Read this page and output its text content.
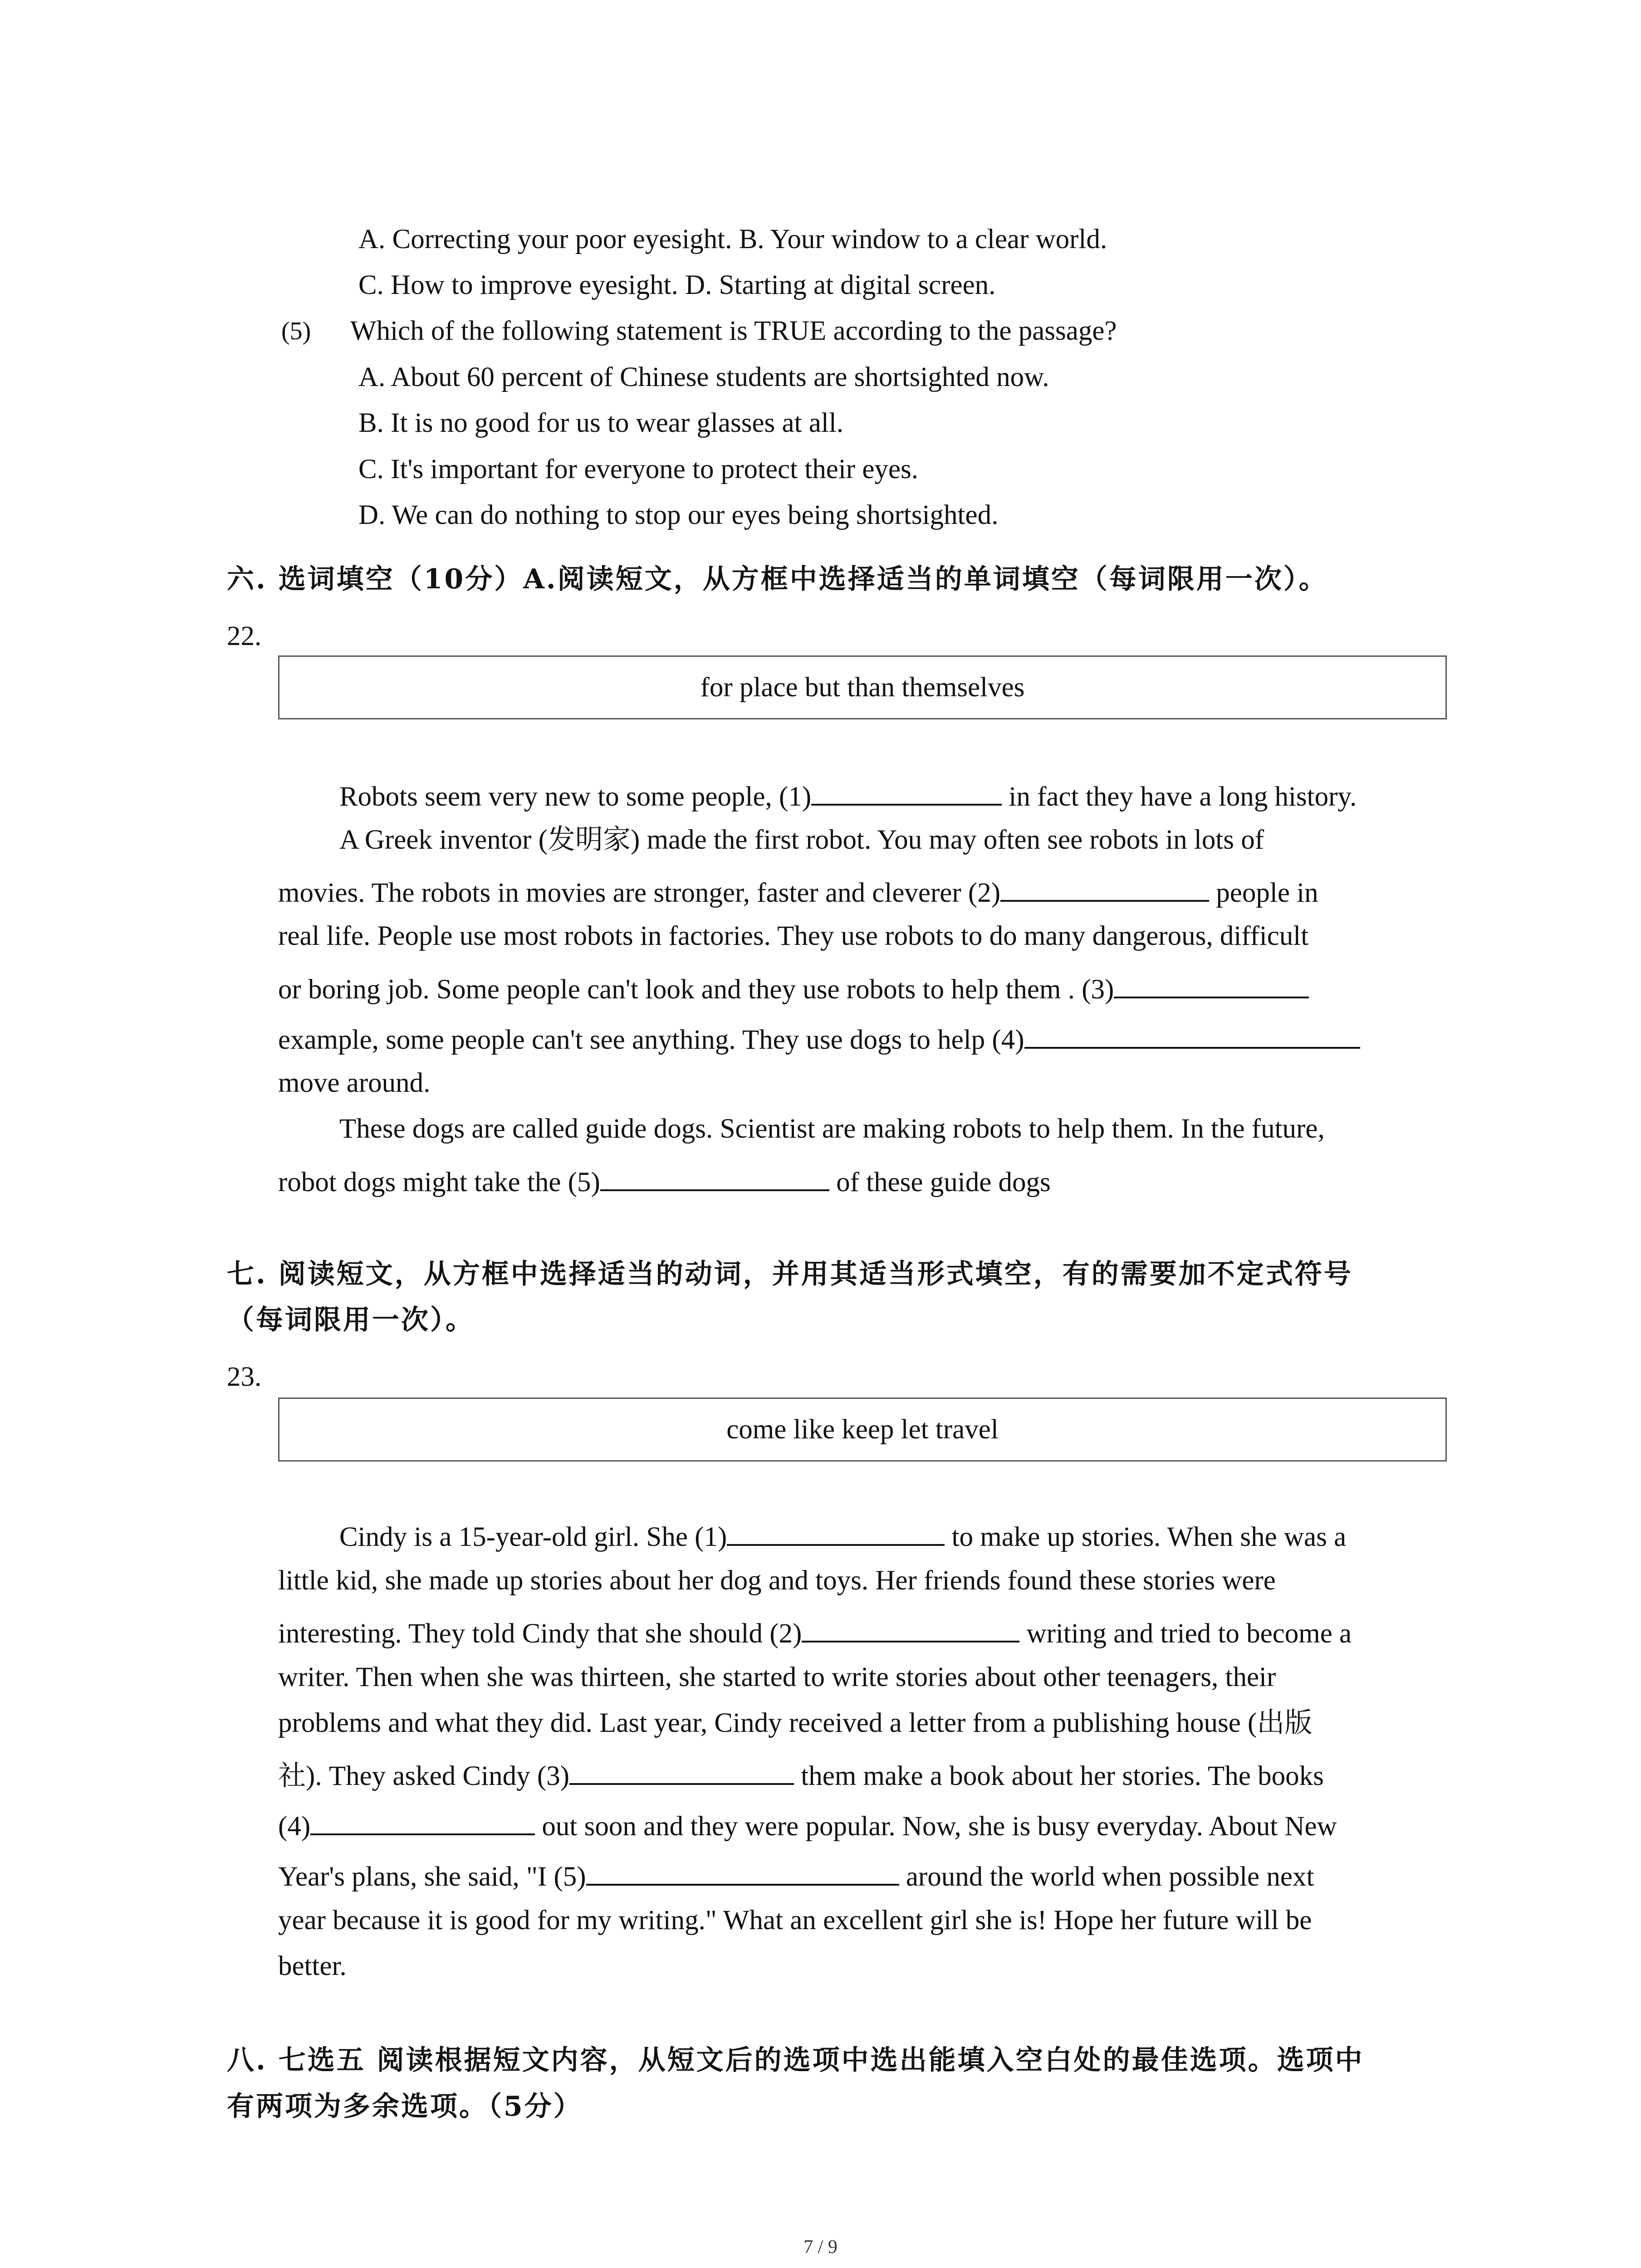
A. Correcting your poor eyesight. B. Your window to a clear world.
C. How to improve eyesight. D. Starting at digital screen.
(5) Which of the following statement is TRUE according to the passage?
A. About 60 percent of Chinese students are shortsighted now.
B. It is no good for us to wear glasses at all.
C. It's important for everyone to protect their eyes.
D. We can do nothing to stop our eyes being shortsighted.
六. 选词填空（10分）A.阅读短文，从方框中选择适当的单词填空（每词限用一次）。
22.
for place but than themselves
Robots seem very new to some people, (1)	in fact they have a long history.
A Greek inventor (发明家) made the first robot. You may often see robots in lots of
movies. The robots in movies are stronger, faster and cleverer (2)	people in
real life. People use most robots in factories. They use robots to do many dangerous, difficult
or boring job. Some people can't look and they use robots to help them . (3)
example, some people can't see anything. They use dogs to help (4)
move around.
These dogs are called guide dogs. Scientist are making robots to help them. In the future,
robot dogs might take the (5)	of these guide dogs
七. 阅读短文，从方框中选择适当的动词，并用其适当形式填空，有的需要加不定式符号
（每词限用一次）。
23.
come like keep let travel
Cindy is a 15-year-old girl. She (1)	to make up stories. When she was a
little kid, she made up stories about her dog and toys. Her friends found these stories were
interesting. They told Cindy that she should (2)	writing and tried to become a
writer. Then when she was thirteen, she started to write stories about other teenagers, their
problems and what they did. Last year, Cindy received a letter from a publishing house (出版
社). They asked Cindy (3)	them make a book about her stories. The books
(4)	out soon and they were popular. Now, she is busy everyday. About New
Year's plans, she said, "I (5)	around the world when possible next
year because it is good for my writing." What an excellent girl she is! Hope her future will be
better.
八. 七选五 阅读根据短文内容，从短文后的选项中选出能填入空白处的最佳选项。选项中
有两项为多余选项。（5分）
7 / 9
